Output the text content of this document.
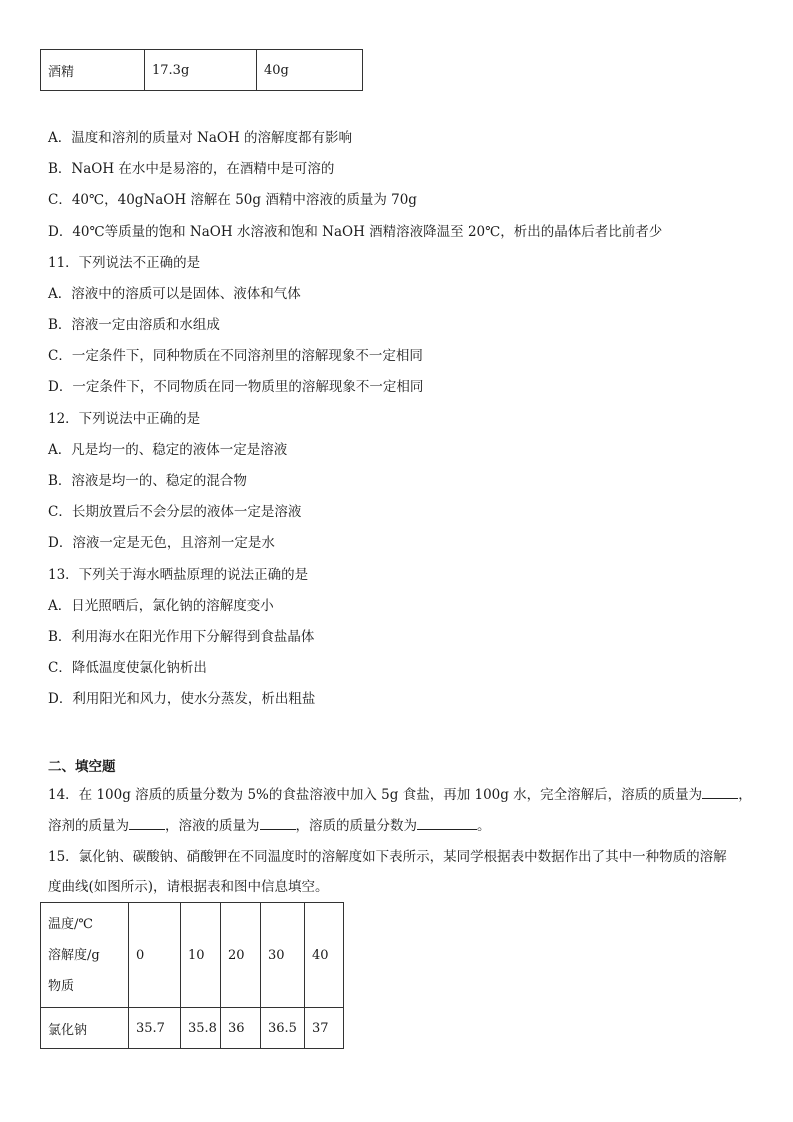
酒精	17.3g	40g
A．温度和溶剂的质量对 NaOH 的溶解度都有影响
B．NaOH 在水中是易溶的，在酒精中是可溶的
C．40℃，40gNaOH 溶解在 50g 酒精中溶液的质量为 70g
D．40℃等质量的饱和 NaOH 水溶液和饱和 NaOH 酒精溶液降温至 20℃，析出的晶体后者比前者少
11．下列说法不正确的是
A．溶液中的溶质可以是固体、液体和气体
B．溶液一定由溶质和水组成
C．一定条件下，同种物质在不同溶剂里的溶解现象不一定相同
D．一定条件下，不同物质在同一物质里的溶解现象不一定相同
12．下列说法中正确的是
A．凡是均一的、稳定的液体一定是溶液
B．溶液是均一的、稳定的混合物
C．长期放置后不会分层的液体一定是溶液
D．溶液一定是无色，且溶剂一定是水
13．下列关于海水晒盐原理的说法正确的是
A．日光照晒后，氯化钠的溶解度变小
B．利用海水在阳光作用下分解得到食盐晶体
C．降低温度使氯化钠析出
D．利用阳光和风力，使水分蒸发，析出粗盐
二、填空题
14．在 100g 溶质的质量分数为 5%的食盐溶液中加入 5g 食盐，再加 100g 水，完全溶解后，溶质的质量为	，
溶剂的质量为	，溶液的质量为	，溶质的质量分数为	。
15．氯化钠、碳酸钠、硝酸钾在不同温度时的溶解度如下表所示，某同学根据表中数据作出了其中一种物质的溶解
度曲线(如图所示)，请根据表和图中信息填空。
温度/℃
溶解度/g
物质	0	10	20	30	40
氯化钠	35.7	35.8	36	36.5	37
